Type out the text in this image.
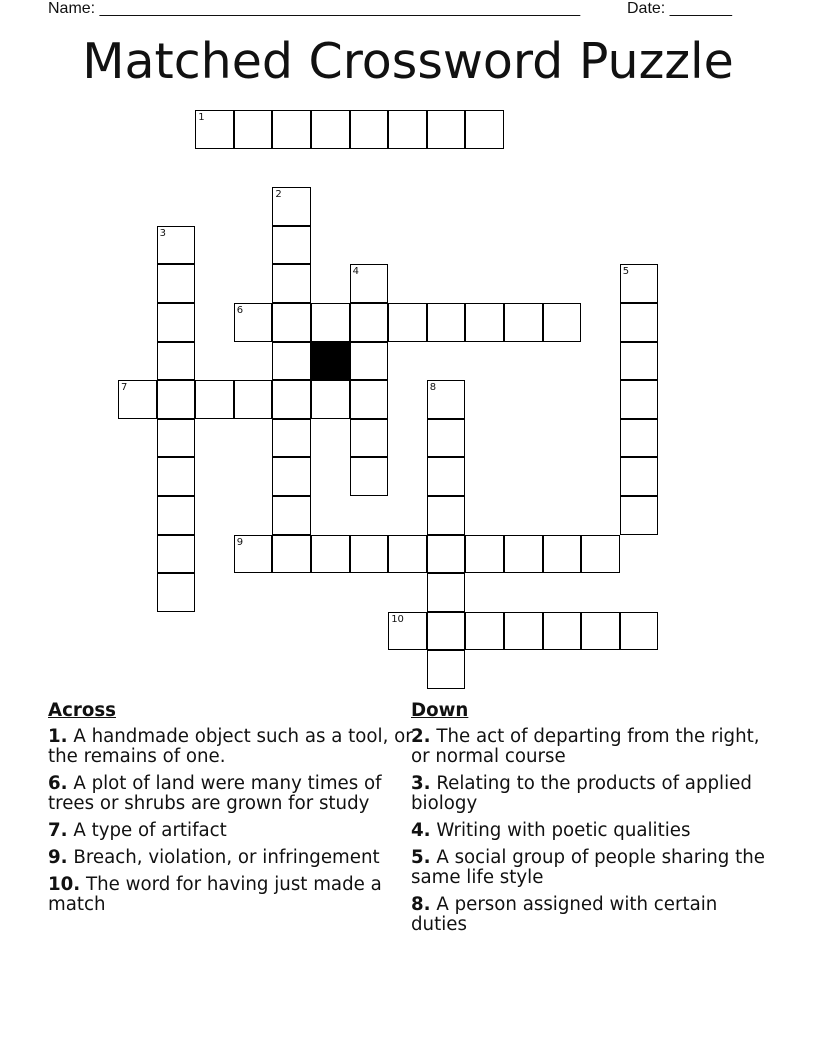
Name: ______________________________________________________	Date: _______
Matched Crossword Puzzle
1
6
7
9
10
2
3
4	5
8
Across
1. A handmade object such as a tool, or the remains of one.
6. A plot of land were many times of trees or shrubs are grown for study
7. A type of artifact
9. Breach, violation, or infringement
10. The word for having just made a match
Down
2. The act of departing from the right, or normal course
3. Relating to the products of applied biology
4. Writing with poetic qualities
5. A social group of people sharing the same life style
8. A person assigned with certain duties
